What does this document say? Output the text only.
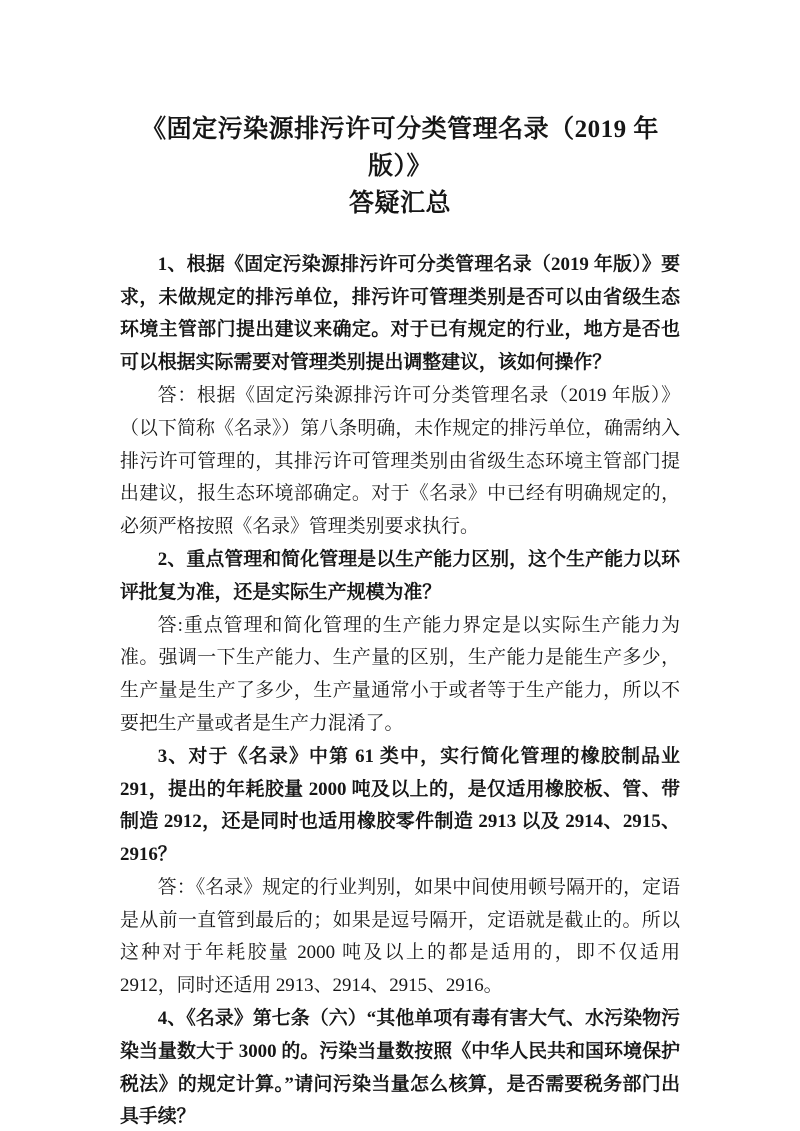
《固定污染源排污许可分类管理名录（2019 年版）》
答疑汇总

1、根据《固定污染源排污许可分类管理名录（2019 年版）》要求，未做规定的排污单位，排污许可管理类别是否可以由省级生态环境主管部门提出建议来确定。对于已有规定的行业，地方是否也可以根据实际需要对管理类别提出调整建议，该如何操作？

答：根据《固定污染源排污许可分类管理名录（2019 年版）》（以下简称《名录》）第八条明确，未作规定的排污单位，确需纳入排污许可管理的，其排污许可管理类别由省级生态环境主管部门提出建议，报生态环境部确定。对于《名录》中已经有明确规定的，必须严格按照《名录》管理类别要求执行。

2、重点管理和简化管理是以生产能力区别，这个生产能力以环评批复为准，还是实际生产规模为准？

答:重点管理和简化管理的生产能力界定是以实际生产能力为准。强调一下生产能力、生产量的区别，生产能力是能生产多少，生产量是生产了多少，生产量通常小于或者等于生产能力，所以不要把生产量或者是生产力混淆了。

3、对于《名录》中第 61 类中，实行简化管理的橡胶制品业 291，提出的年耗胶量 2000 吨及以上的，是仅适用橡胶板、管、带制造 2912，还是同时也适用橡胶零件制造 2913 以及 2914、2915、2916？

答：《名录》规定的行业判别，如果中间使用顿号隔开的，定语是从前一直管到最后的；如果是逗号隔开，定语就是截止的。所以这种对于年耗胶量 2000 吨及以上的都是适用的，即不仅适用 2912，同时还适用 2913、2914、2915、2916。

4、《名录》第七条（六）“其他单项有毒有害大气、水污染物污染当量数大于 3000 的。污染当量数按照《中华人民共和国环境保护税法》的规定计算。”请问污染当量怎么核算，是否需要税务部门出具手续？
